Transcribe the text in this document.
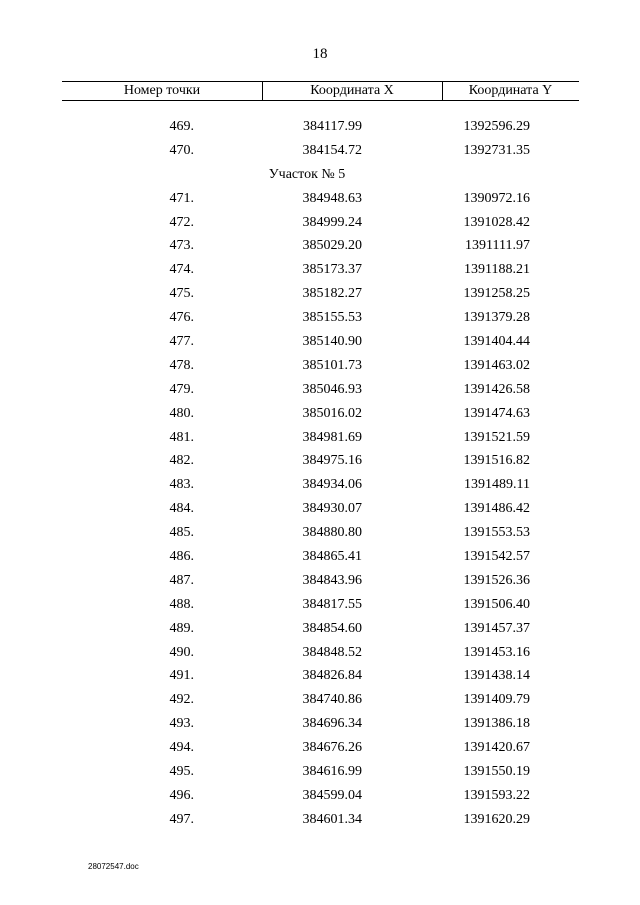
18
Номер точки	Координата X	Координата Y
469.	384117.99	1392596.29
470.	384154.72	1392731.35
Участок № 5
471.	384948.63	1390972.16
472.	384999.24	1391028.42
473.	385029.20	1391111.97
474.	385173.37	1391188.21
475.	385182.27	1391258.25
476.	385155.53	1391379.28
477.	385140.90	1391404.44
478.	385101.73	1391463.02
479.	385046.93	1391426.58
480.	385016.02	1391474.63
481.	384981.69	1391521.59
482.	384975.16	1391516.82
483.	384934.06	1391489.11
484.	384930.07	1391486.42
485.	384880.80	1391553.53
486.	384865.41	1391542.57
487.	384843.96	1391526.36
488.	384817.55	1391506.40
489.	384854.60	1391457.37
490.	384848.52	1391453.16
491.	384826.84	1391438.14
492.	384740.86	1391409.79
493.	384696.34	1391386.18
494.	384676.26	1391420.67
495.	384616.99	1391550.19
496.	384599.04	1391593.22
497.	384601.34	1391620.29
28072547.doc
